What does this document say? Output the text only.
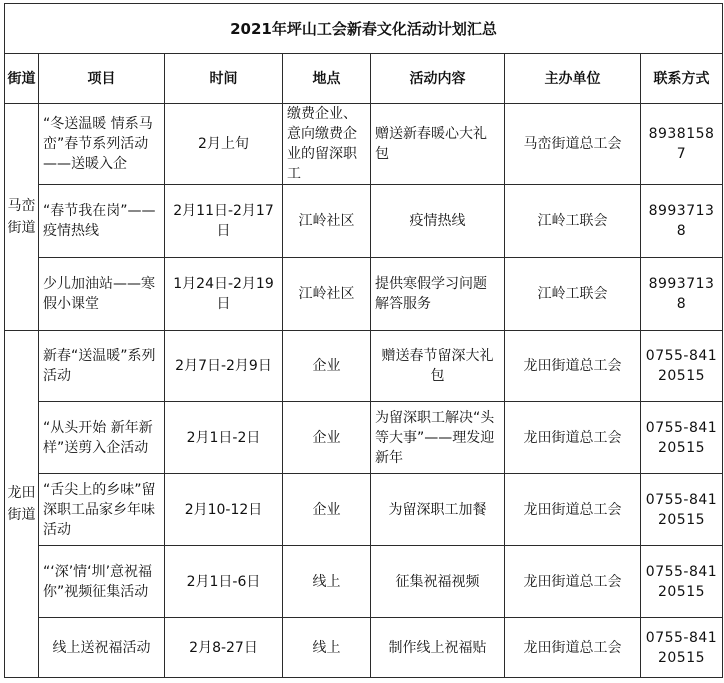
2021年坪山工会新春文化活动计划汇总						
街道	项目	时间	地点	活动内容	主办单位	联系方式
马峦街道	“冬送温暖 情系马峦”春节系列活动——送暖入企	2月上旬	缴费企业、意向缴费企业的留深职工	赠送新春暖心大礼包	马峦街道总工会	89381587
	“春节我在岗”——疫情热线	2月11日-2月17日	江岭社区	疫情热线	江岭工联会	89937138
	少儿加油站——寒假小课堂	1月24日-2月19日	江岭社区	提供寒假学习问题解答服务	江岭工联会	89937138
龙田街道	新春“送温暖”系列活动	2月7日-2月9日	企业	赠送春节留深大礼包	龙田街道总工会	0755-84120515
	“从头开始 新年新样”送剪入企活动	2月1日-2日	企业	为留深职工解决“头等大事”——理发迎新年	龙田街道总工会	0755-84120515
	“舌尖上的乡味”留深职工品家乡年味活动	2月10-12日	企业	为留深职工加餐	龙田街道总工会	0755-84120515
	“‘深’情‘圳’意祝福你”视频征集活动	2月1日-6日	线上	征集祝福视频	龙田街道总工会	0755-84120515
	线上送祝福活动	2月8-27日	线上	制作线上祝福贴	龙田街道总工会	0755-84120515
